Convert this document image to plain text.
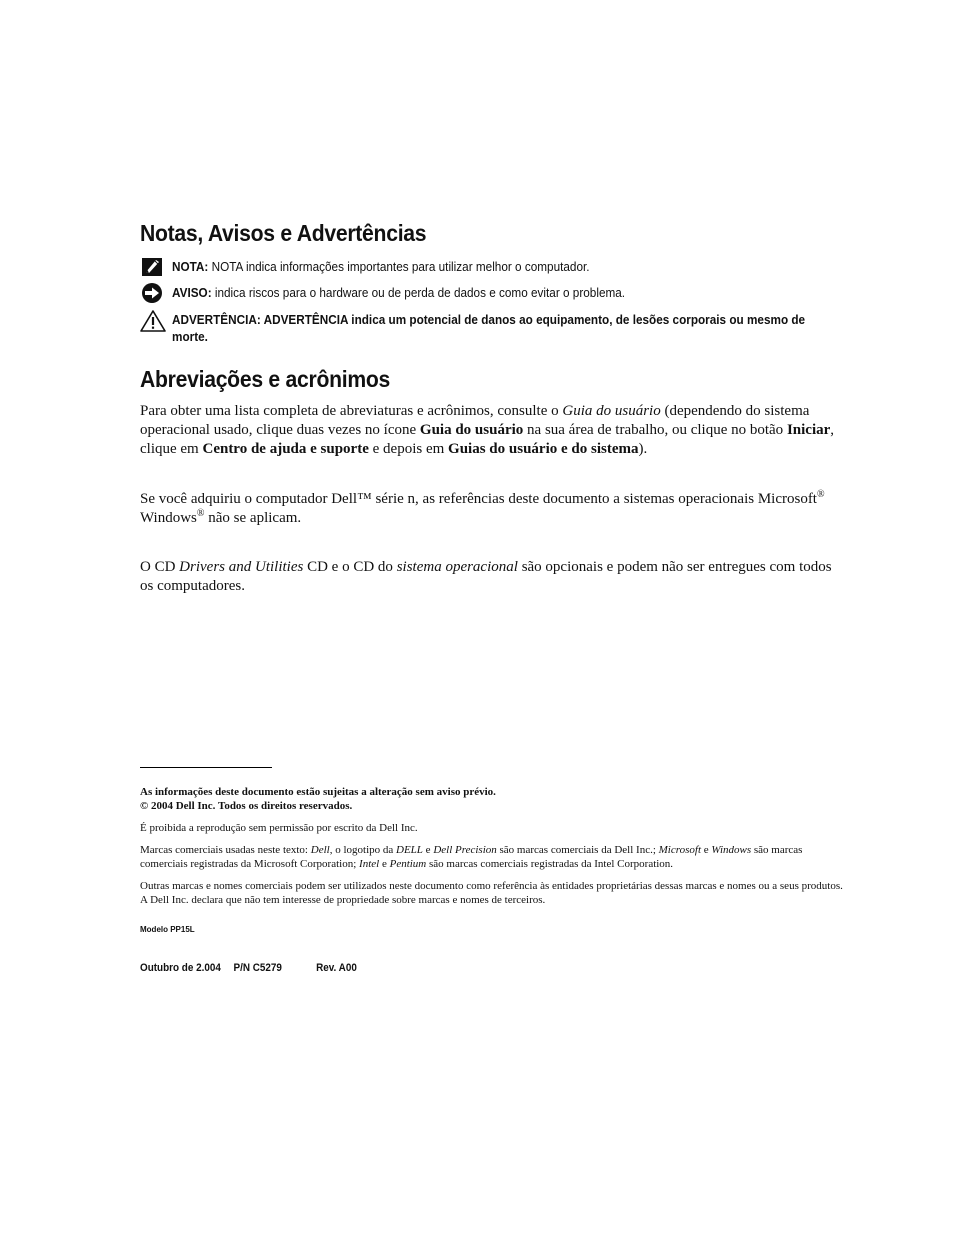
Notas, Avisos e Advertências
NOTA: NOTA indica informações importantes para utilizar melhor o computador.
AVISO: indica riscos para o hardware ou de perda de dados e como evitar o problema.
ADVERTÊNCIA: ADVERTÊNCIA indica um potencial de danos ao equipamento, de lesões corporais ou mesmo de
morte.
Abreviações e acrônimos
Para obter uma lista completa de abreviaturas e acrônimos, consulte o Guia do usuário (dependendo do sistema operacional usado, clique duas vezes no ícone Guia do usuário na sua área de trabalho, ou clique no botão Iniciar, clique em Centro de ajuda e suporte e depois em Guias do usuário e do sistema).
Se você adquiriu o computador Dell™ série n, as referências deste documento a sistemas operacionais Microsoft® Windows® não se aplicam.
O CD Drivers and Utilities CD e o CD do sistema operacional são opcionais e podem não ser entregues com todos os computadores.
As informações deste documento estão sujeitas a alteração sem aviso prévio.
© 2004 Dell Inc. Todos os direitos reservados.
É proibida a reprodução sem permissão por escrito da Dell Inc.
Marcas comerciais usadas neste texto: Dell, o logotipo da DELL e Dell Precision são marcas comerciais da Dell Inc.; Microsoft e Windows são marcas comerciais registradas da Microsoft Corporation; Intel e Pentium são marcas comerciais registradas da Intel Corporation.
Outras marcas e nomes comerciais podem ser utilizados neste documento como referência às entidades proprietárias dessas marcas e nomes ou a seus produtos. A Dell Inc. declara que não tem interesse de propriedade sobre marcas e nomes de terceiros.
Modelo PP15L
Outubro de 2.004 P/N C5279	Rev. A00
